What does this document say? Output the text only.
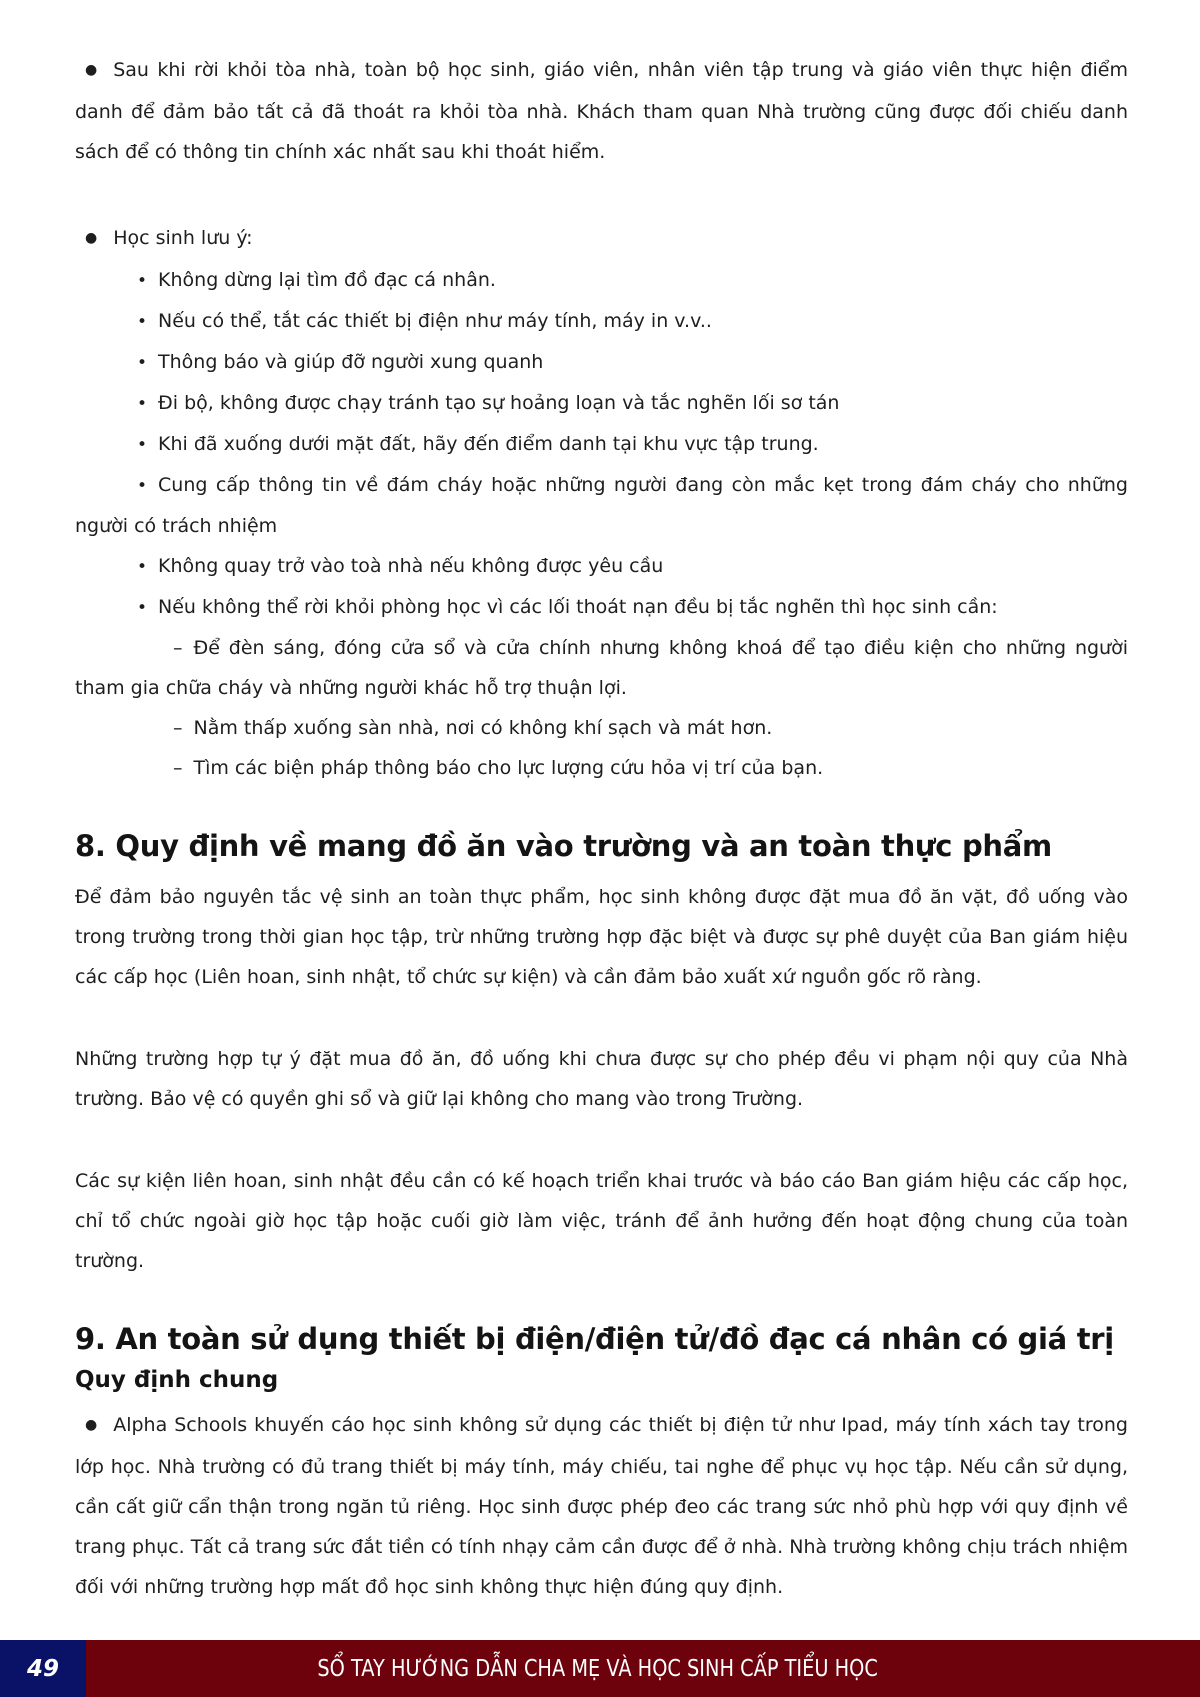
● Sau khi rời khỏi tòa nhà, toàn bộ học sinh, giáo viên, nhân viên tập trung và giáo viên thực hiện điểm danh để đảm bảo tất cả đã thoát ra khỏi tòa nhà. Khách tham quan Nhà trường cũng được đối chiếu danh sách để có thông tin chính xác nhất sau khi thoát hiểm.

● Học sinh lưu ý:

• Không dừng lại tìm đồ đạc cá nhân.

• Nếu có thể, tắt các thiết bị điện như máy tính, máy in v.v..

• Thông báo và giúp đỡ người xung quanh

• Đi bộ, không được chạy tránh tạo sự hoảng loạn và tắc nghẽn lối sơ tán

• Khi đã xuống dưới mặt đất, hãy đến điểm danh tại khu vực tập trung.

• Cung cấp thông tin về đám cháy hoặc những người đang còn mắc kẹt trong đám cháy cho những người có trách nhiệm

• Không quay trở vào toà nhà nếu không được yêu cầu

• Nếu không thể rời khỏi phòng học vì các lối thoát nạn đều bị tắc nghẽn thì học sinh cần:

– Để đèn sáng, đóng cửa sổ và cửa chính nhưng không khoá để tạo điều kiện cho những người tham gia chữa cháy và những người khác hỗ trợ thuận lợi.

– Nằm thấp xuống sàn nhà, nơi có không khí sạch và mát hơn.

– Tìm các biện pháp thông báo cho lực lượng cứu hỏa vị trí của bạn.

8. Quy định về mang đồ ăn vào trường và an toàn thực phẩm

Để đảm bảo nguyên tắc vệ sinh an toàn thực phẩm, học sinh không được đặt mua đồ ăn vặt, đồ uống vào trong trường trong thời gian học tập, trừ những trường hợp đặc biệt và được sự phê duyệt của Ban giám hiệu các cấp học (Liên hoan, sinh nhật, tổ chức sự kiện) và cần đảm bảo xuất xứ nguồn gốc rõ ràng.

Những trường hợp tự ý đặt mua đồ ăn, đồ uống khi chưa được sự cho phép đều vi phạm nội quy của Nhà trường. Bảo vệ có quyền ghi sổ và giữ lại không cho mang vào trong Trường.

Các sự kiện liên hoan, sinh nhật đều cần có kế hoạch triển khai trước và báo cáo Ban giám hiệu các cấp học, chỉ tổ chức ngoài giờ học tập hoặc cuối giờ làm việc, tránh để ảnh hưởng đến hoạt động chung của toàn trường.

9. An toàn sử dụng thiết bị điện/điện tử/đồ đạc cá nhân có giá trị
Quy định chung

● Alpha Schools khuyến cáo học sinh không sử dụng các thiết bị điện tử như Ipad, máy tính xách tay trong lớp học. Nhà trường có đủ trang thiết bị máy tính, máy chiếu, tai nghe để phục vụ học tập. Nếu cần sử dụng, cần cất giữ cẩn thận trong ngăn tủ riêng. Học sinh được phép đeo các trang sức nhỏ phù hợp với quy định về trang phục. Tất cả trang sức đắt tiền có tính nhạy cảm cần được để ở nhà. Nhà trường không chịu trách nhiệm đối với những trường hợp mất đồ học sinh không thực hiện đúng quy định.

49	SỔ TAY HƯỚNG DẪN CHA MẸ VÀ HỌC SINH CẤP TIỂU HỌC
